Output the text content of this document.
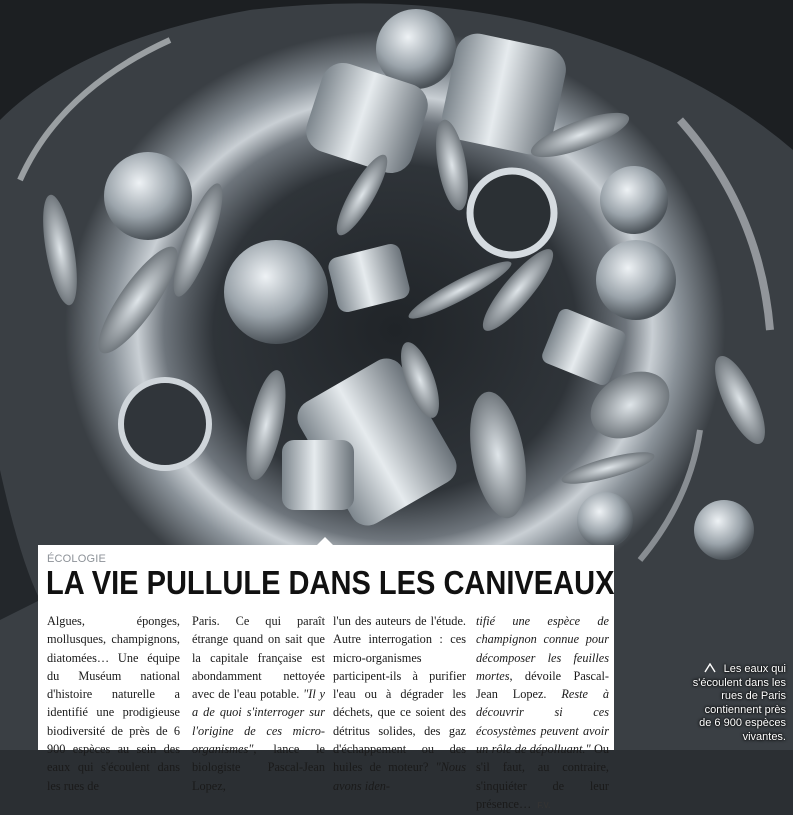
ÉCOLOGIE
LA VIE PULLULE DANS LES CANIVEAUX

Algues, éponges, mollusques, champignons, diatomées… Une équipe du Muséum national d'histoire naturelle a identifié une prodigieuse biodiversité de près de 6 900 espèces au sein des eaux qui s'écoulent dans les rues de

Paris. Ce qui paraît étrange quand on sait que la capitale française est abondamment nettoyée avec de l'eau potable. "Il y a de quoi s'interroger sur l'origine de ces micro-organismes", lance le biologiste Pascal-Jean Lopez,

l'un des auteurs de l'étude. Autre interrogation : ces micro-organismes participent-ils à purifier l'eau ou à dégrader les déchets, que ce soient des détritus solides, des gaz d'échappement ou des huiles de moteur? "Nous avons iden-

tifié une espèce de champignon connue pour décomposer les feuilles mortes, dévoile Pascal-Jean Lopez. Reste à découvrir si ces écosystèmes peuvent avoir un rôle de dépolluant." Ou s'il faut, au contraire, s'inquiéter de leur présence… F.V.

Les eaux qui s'écoulent dans les rues de Paris contiennent près de 6 900 espèces vivantes.
